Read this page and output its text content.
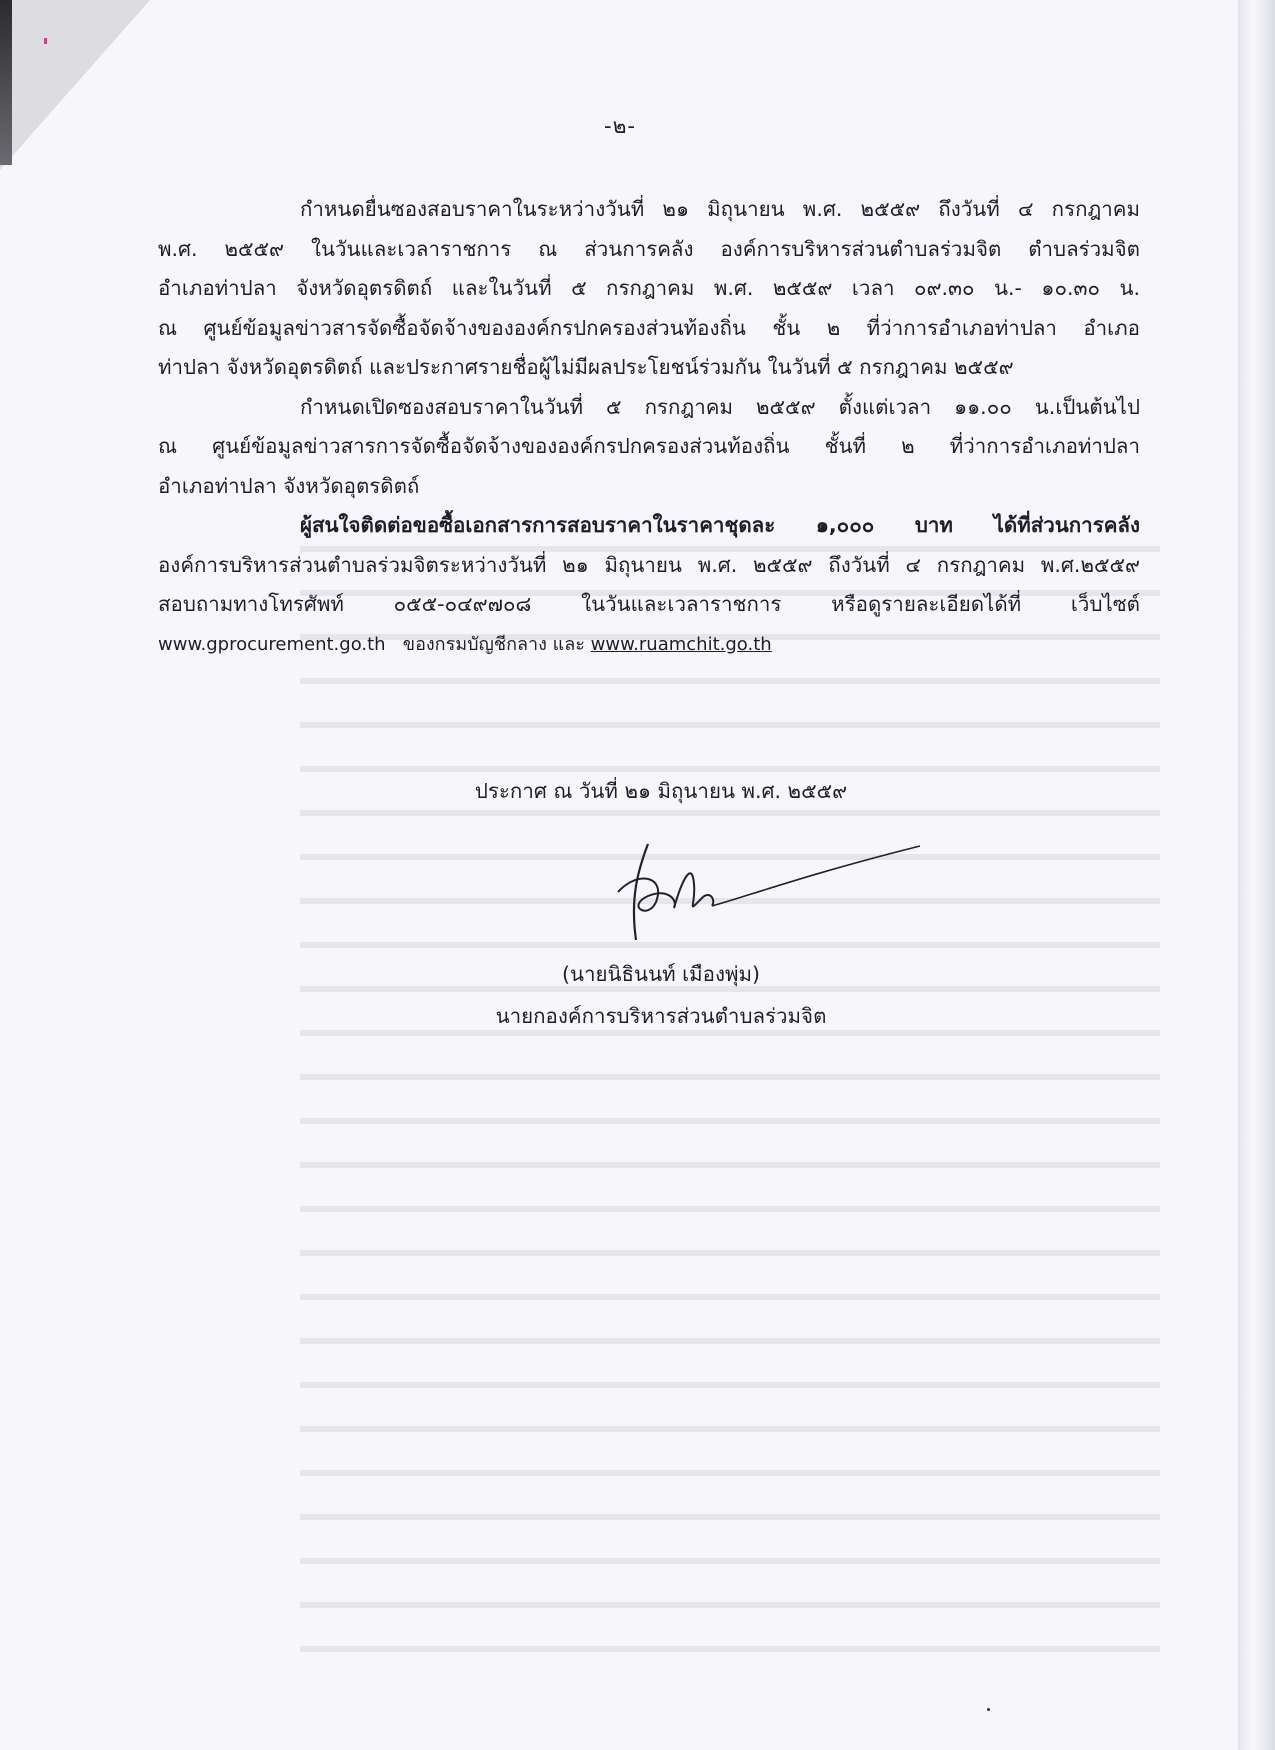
-๒-
กำหนดยื่นซองสอบราคาในระหว่างวันที่ ๒๑ มิถุนายน พ.ศ. ๒๕๕๙ ถึงวันที่ ๔ กรกฎาคม
พ.ศ. ๒๕๕๙ ในวันและเวลาราชการ ณ ส่วนการคลัง องค์การบริหารส่วนตำบลร่วมจิต ตำบลร่วมจิต
อำเภอท่าปลา จังหวัดอุตรดิตถ์ และในวันที่ ๕ กรกฎาคม พ.ศ. ๒๕๕๙ เวลา ๐๙.๓๐ น.- ๑๐.๓๐ น.
ณ ศูนย์ข้อมูลข่าวสารจัดซื้อจัดจ้างขององค์กรปกครองส่วนท้องถิ่น ชั้น ๒ ที่ว่าการอำเภอท่าปลา อำเภอ
ท่าปลา จังหวัดอุตรดิตถ์ และประกาศรายชื่อผู้ไม่มีผลประโยชน์ร่วมกัน ในวันที่ ๕ กรกฎาคม ๒๕๕๙
กำหนดเปิดซองสอบราคาในวันที่ ๕ กรกฎาคม ๒๕๕๙ ตั้งแต่เวลา ๑๑.๐๐ น.เป็นต้นไป
ณ ศูนย์ข้อมูลข่าวสารการจัดซื้อจัดจ้างขององค์กรปกครองส่วนท้องถิ่น ชั้นที่ ๒ ที่ว่าการอำเภอท่าปลา
อำเภอท่าปลา จังหวัดอุตรดิตถ์
ผู้สนใจติดต่อขอซื้อเอกสารการสอบราคาในราคาชุดละ ๑,๐๐๐ บาท ได้ที่ส่วนการคลัง
องค์การบริหารส่วนตำบลร่วมจิตระหว่างวันที่ ๒๑ มิถุนายน พ.ศ. ๒๕๕๙ ถึงวันที่ ๔ กรกฎาคม พ.ศ.๒๕๕๙
สอบถามทางโทรศัพท์ ๐๕๕-๐๔๙๗๐๘ ในวันและเวลาราชการ หรือดูรายละเอียดได้ที่ เว็บไซต์
www.gprocurement.go.th ของกรมบัญชีกลาง และ www.ruamchit.go.th
ประกาศ ณ วันที่ ๒๑ มิถุนายน พ.ศ. ๒๕๕๙
(นายนิธินนท์ เมืองพุ่ม)
นายกองค์การบริหารส่วนตำบลร่วมจิต
